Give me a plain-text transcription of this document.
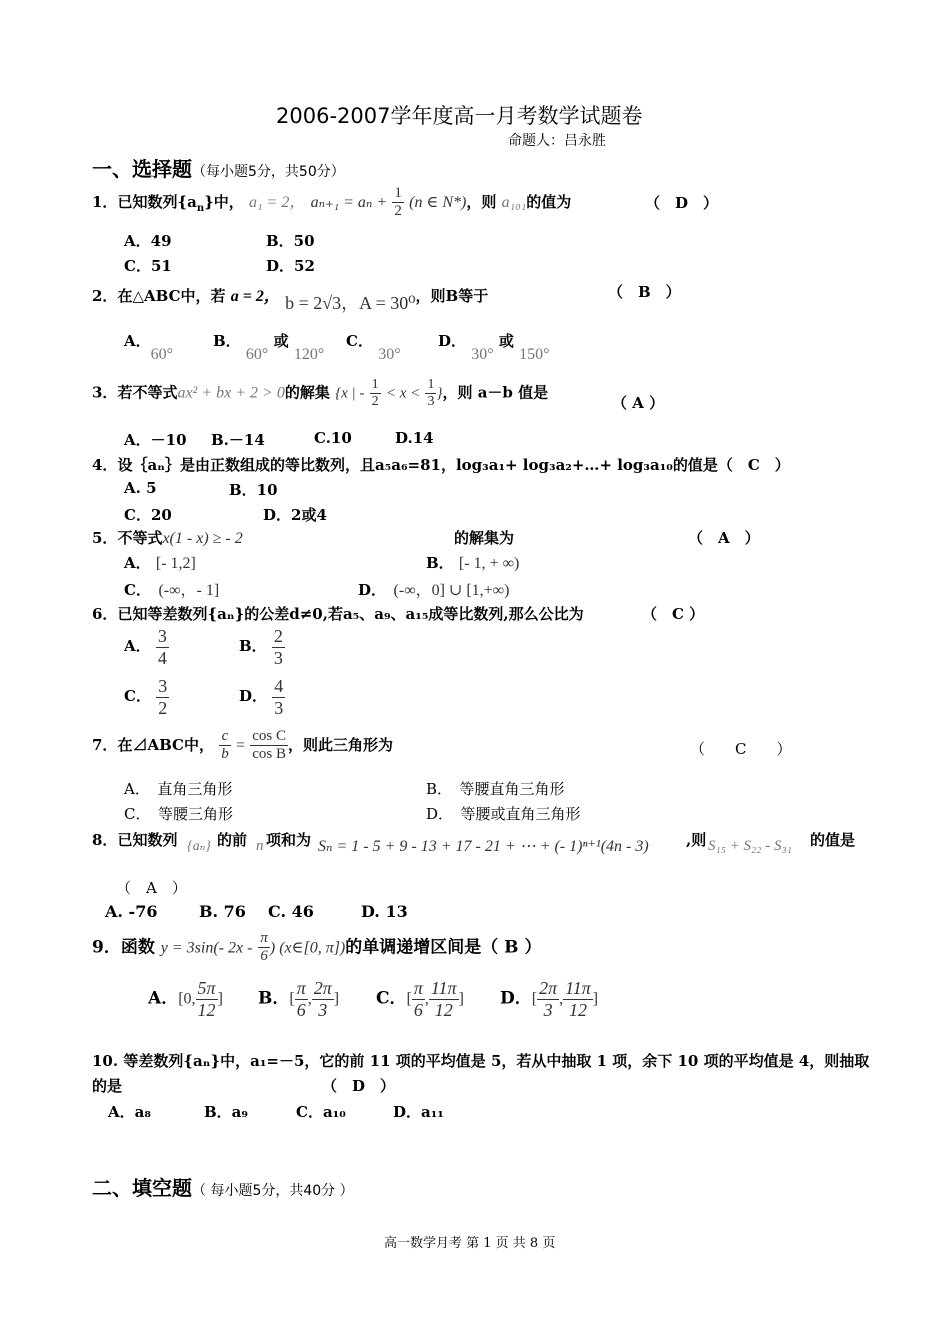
2006-2007学年度高一月考数学试题卷
命题人：吕永胜
一、选择题（每小题5分，共50分）
1．已知数列$\{a_n\}$中， a₁ = 2， $a_{n+1} = a_n + \frac{1}{2} (n$ ∈ N*)，则 a₁₀₁的值为	（　D　）
A．49	B．50
C．51	D．52
2．在△ABC中，若 a = 2， b = 2√3，A = 30⁰，则B等于	（　B　）
A．60°
B． 60° 或 120°
C． 30°
D． 30° 或 150°
3．若不等式ax² + bx + 2 > 0的解集 {x | - $\frac{1}{2} < x < \frac{1}{3}$ }，则 a－b 值是
（ A ）
A．－10 B.－14	C.10	D.14
4．设｛aₙ｝是由正数组成的等比数列，且a₅a₆=81，log₃a₁+ log₃a₂+…+ log₃a₁₀的值是（　C　）
A. 5	B．10
C．20	D．2或4
5．不等式x(1 - x) ≥ - 2	的解集为	（　A　）
A． [- 1,2]	B． [- 1, + ∞)
C．　 (-∞，- 1]	D．　 (-∞，0] ∪ [1,+∞)
6．已知等差数列{aₙ}的公差d≠0,若a₅、a₉、a₁₅成等比数列,那么公比为	（　C ）
A． $\frac{3}{4}$	B． $\frac{2}{3}$
C． $\frac{3}{2}$	D． $\frac{4}{3}$
7．在⊿ABC中， $\frac{c}{b} = \frac{\text{cos C}}{\text{cos B}}$ ，则此三角形为	（　　C　　）
A．　直角三角形	B．　等腰直角三角形
C．　等腰三角形	D．　等腰或直角三角形
8．已知数列 {aₙ} 的前 n 项和为 Sₙ = 1 - 5 + 9 - 13 + 17 - 21 + ⋯ + (- 1)ⁿ⁺¹(4n - 3) ,则 S₁₅ + S₂₂ - S₃₁ 的值是
（　A　）
A. -76	B. 76 C. 46	D. 13
9．函数 y = 3sin(- $2x - \frac{\pi}{6}$ ) (x∈[0, π])的单调递增区间是（ B ）
A．[0, $\frac{5\pi}{12}$ ] B．[ $\frac{\pi}{6}$ , $\frac{2\pi}{3}$ ] C．[ $\frac{\pi}{6}$ , $\frac{11\pi}{12}$ ] D．[ $\frac{2\pi}{3}$ , $\frac{11\pi}{12}$ ]
10. 等差数列{aₙ}中，a₁=－5，它的前 11 项的平均值是 5，若从中抽取 1 项，余下 10 项的平均值是 4，则抽取
的是	（　D　）
A．a₈	B．a₉	C．a₁₀	D．a₁₁
二、填空题（ 每小题5分，共40分 ）
高一数学月考 第 1 页 共 8 页
